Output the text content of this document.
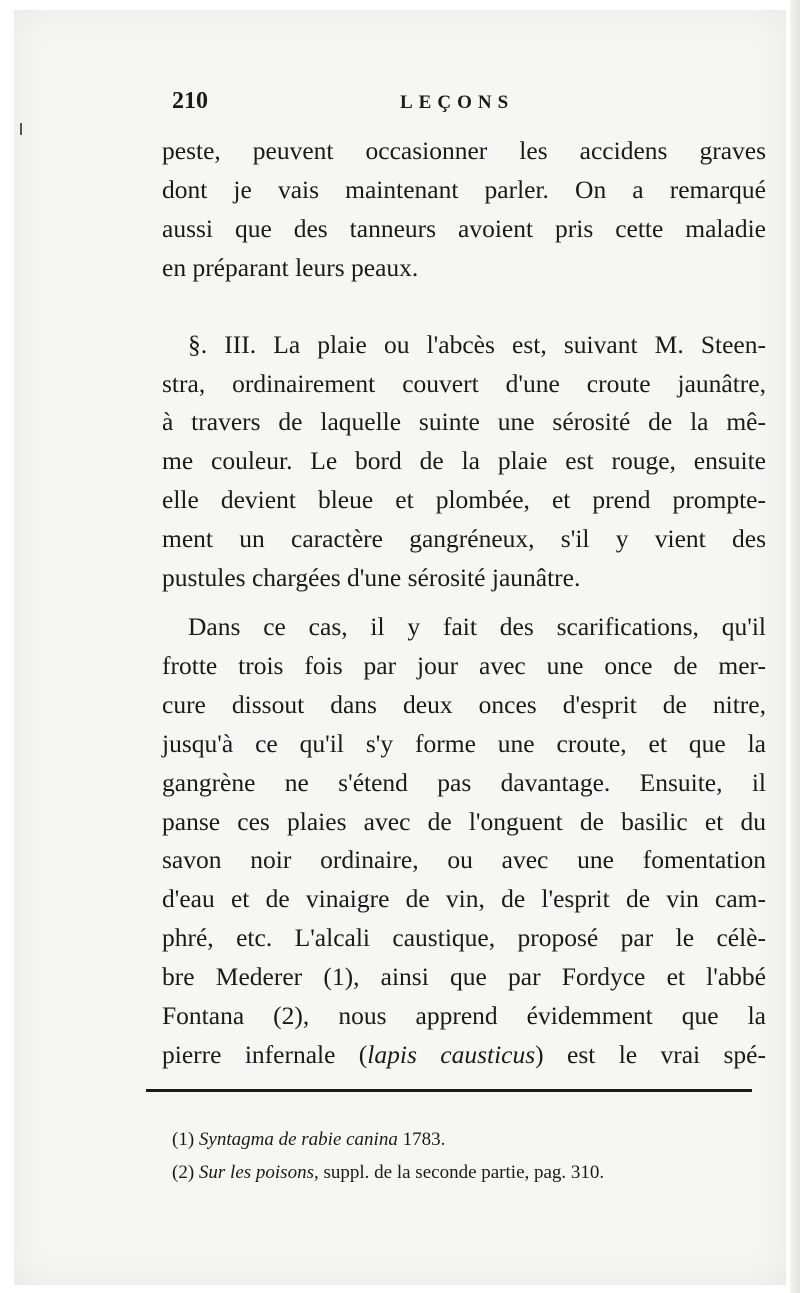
210	LEÇONS
peste, peuvent occasionner les accidens graves
dont je vais maintenant parler. On a remarqué
aussi que des tanneurs avoient pris cette maladie
en préparant leurs peaux.
§. III. La plaie ou l'abcès est, suivant M. Steen-
stra, ordinairement couvert d'une croute jaunâtre,
à travers de laquelle suinte une sérosité de la mê-
me couleur. Le bord de la plaie est rouge, ensuite
elle devient bleue et plombée, et prend prompte-
ment un caractère gangréneux, s'il y vient des
pustules chargées d'une sérosité jaunâtre.
Dans ce cas, il y fait des scarifications, qu'il
frotte trois fois par jour avec une once de mer-
cure dissout dans deux onces d'esprit de nitre,
jusqu'à ce qu'il s'y forme une croute, et que la
gangrène ne s'étend pas davantage. Ensuite, il
panse ces plaies avec de l'onguent de basilic et du
savon noir ordinaire, ou avec une fomentation
d'eau et de vinaigre de vin, de l'esprit de vin cam-
phré, etc. L'alcali caustique, proposé par le célè-
bre Mederer (1), ainsi que par Fordyce et l'abbé
Fontana (2), nous apprend évidemment que la
pierre infernale (lapis causticus) est le vrai spé-
(1) Syntagma de rabie canina 1783.
(2) Sur les poisons, suppl. de la seconde partie, pag. 310.
